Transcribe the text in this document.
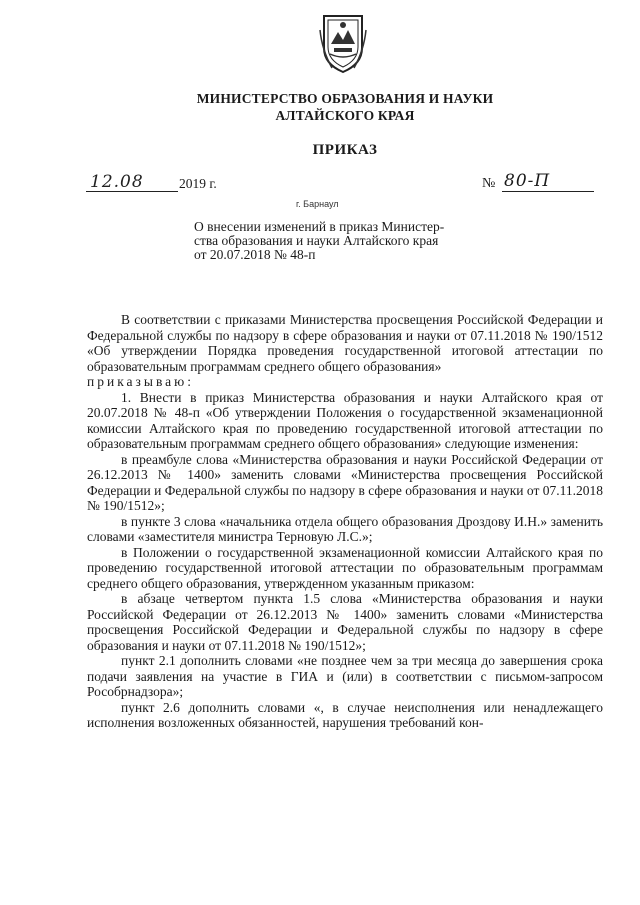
МИНИСТЕРСТВО ОБРАЗОВАНИЯ И НАУКИ
АЛТАЙСКОГО КРАЯ
ПРИКАЗ
12.08	2019 г.	№ 80-П
г. Барнаул
О внесении изменений в приказ Министер-
ства образования и науки Алтайского края
от 20.07.2018 № 48-п

В соответствии с приказами Министерства просвещения Российской Федерации и Федеральной службы по надзору в сфере образования и науки от 07.11.2018 № 190/1512 «Об утверждении Порядка проведения государственной итоговой аттестации по образовательным программам среднего общего образования»

приказываю:

1. Внести в приказ Министерства образования и науки Алтайского края от 20.07.2018 № 48-п «Об утверждении Положения о государственной экзаменационной комиссии Алтайского края по проведению государственной итоговой аттестации по образовательным программам среднего общего образования» следующие изменения:

в преамбуле слова «Министерства образования и науки Российской Федерации от 26.12.2013 № 1400» заменить словами «Министерства просвещения Российской Федерации и Федеральной службы по надзору в сфере образования и науки от 07.11.2018 № 190/1512»;

в пункте 3 слова «начальника отдела общего образования Дроздову И.Н.» заменить словами «заместителя министра Терновую Л.С.»;

в Положении о государственной экзаменационной комиссии Алтайского края по проведению государственной итоговой аттестации по образовательным программам среднего общего образования, утвержденном указанным приказом:

в абзаце четвертом пункта 1.5 слова «Министерства образования и науки Российской Федерации от 26.12.2013 № 1400» заменить словами «Министерства просвещения Российской Федерации и Федеральной службы по надзору в сфере образования и науки от 07.11.2018 № 190/1512»;

пункт 2.1 дополнить словами «не позднее чем за три месяца до завершения срока подачи заявления на участие в ГИА и (или) в соответствии с письмом-запросом Рособрнадзора»;

пункт 2.6 дополнить словами «, в случае неисполнения или ненадлежащего исполнения возложенных обязанностей, нарушения требований кон-
